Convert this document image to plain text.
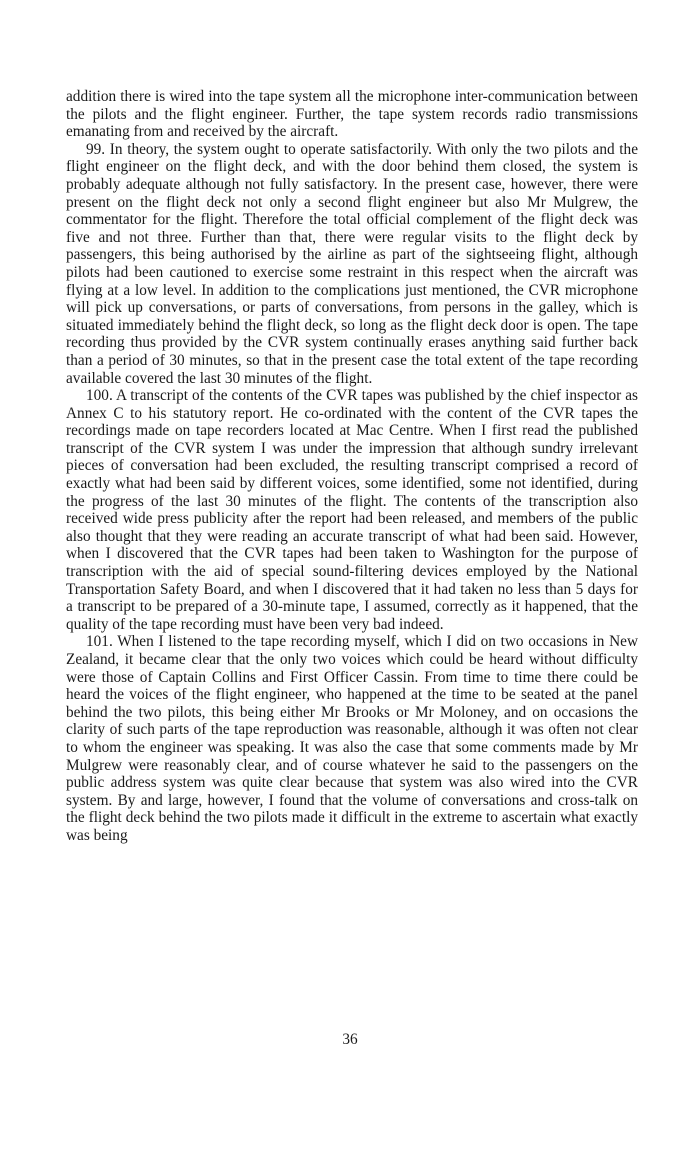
addition there is wired into the tape system all the microphone inter-communication between the pilots and the flight engineer. Further, the tape system records radio transmissions emanating from and received by the aircraft.

99. In theory, the system ought to operate satisfactorily. With only the two pilots and the flight engineer on the flight deck, and with the door behind them closed, the system is probably adequate although not fully satisfactory. In the present case, however, there were present on the flight deck not only a second flight engineer but also Mr Mulgrew, the commentator for the flight. Therefore the total official complement of the flight deck was five and not three. Further than that, there were regular visits to the flight deck by passengers, this being authorised by the airline as part of the sightseeing flight, although pilots had been cautioned to exercise some restraint in this respect when the aircraft was flying at a low level. In addition to the complications just mentioned, the CVR microphone will pick up conversations, or parts of conversations, from persons in the galley, which is situated immediately behind the flight deck, so long as the flight deck door is open. The tape recording thus provided by the CVR system continually erases anything said further back than a period of 30 minutes, so that in the present case the total extent of the tape recording available covered the last 30 minutes of the flight.

100. A transcript of the contents of the CVR tapes was published by the chief inspector as Annex C to his statutory report. He co-ordinated with the content of the CVR tapes the recordings made on tape recorders located at Mac Centre. When I first read the published transcript of the CVR system I was under the impression that although sundry irrelevant pieces of conversation had been excluded, the resulting transcript comprised a record of exactly what had been said by different voices, some identified, some not identified, during the progress of the last 30 minutes of the flight. The contents of the transcription also received wide press publicity after the report had been released, and members of the public also thought that they were reading an accurate transcript of what had been said. However, when I discovered that the CVR tapes had been taken to Washington for the purpose of transcription with the aid of special sound-filtering devices employed by the National Transportation Safety Board, and when I discovered that it had taken no less than 5 days for a transcript to be prepared of a 30-minute tape, I assumed, correctly as it happened, that the quality of the tape recording must have been very bad indeed.

101. When I listened to the tape recording myself, which I did on two occasions in New Zealand, it became clear that the only two voices which could be heard without difficulty were those of Captain Collins and First Officer Cassin. From time to time there could be heard the voices of the flight engineer, who happened at the time to be seated at the panel behind the two pilots, this being either Mr Brooks or Mr Moloney, and on occasions the clarity of such parts of the tape reproduction was reasonable, although it was often not clear to whom the engineer was speaking. It was also the case that some comments made by Mr Mulgrew were reasonably clear, and of course whatever he said to the passengers on the public address system was quite clear because that system was also wired into the CVR system. By and large, however, I found that the volume of conversations and cross-talk on the flight deck behind the two pilots made it difficult in the extreme to ascertain what exactly was being

36
